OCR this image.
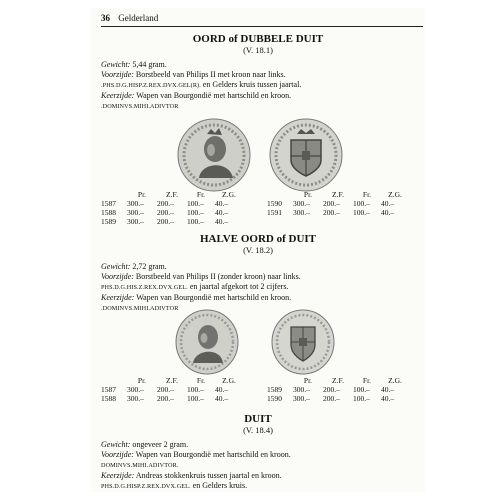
36 Gelderland
OORD of DUBBELE DUIT
(V. 18.1)
Gewicht: 5,44 gram.
Voorzijde: Borstbeeld van Philips II met kroon naar links.
.PHS.D.G.HISP.Z.REX.DVX.GEL(R). en Gelders kruis tussen jaartal.
Keerzijde: Wapen van Bourgondië met hartschild en kroon.
.DOMINVS.MIHI.ADIVTOR
	Pr.	Z.F.	Fr.	Z.G.
1587	300.–	200.–	100.–	40.–
1588	300.–	200.–	100.–	40.–
1589	300.–	200.–	100.–	40.–
	Pr.	Z.F.	Fr.	Z.G.
1590	300.–	200.–	100.–	40.–
1591	300.–	200.–	100.–	40.–
HALVE OORD of DUIT
(V. 18.2)
Gewicht: 2,72 gram.
Voorzijde: Borstbeeld van Philips II (zonder kroon) naar links.
PHS.D.G.HIS.Z.REX.DVX.GEL. en jaartal afgekort tot 2 cijfers.
Keerzijde: Wapen van Bourgondië met hartschild en kroon.
.DOMINVS.MIHI.ADIVTOR
	Pr.	Z.F.	Fr.	Z.G.
1587	300.–	200.–	100.–	40.–
1588	300.–	200.–	100.–	40.–
	Pr.	Z.F.	Fr.	Z.G.
1589	300.–	200.–	100.–	40.–
1590	300.–	200.–	100.–	40.–
DUIT
(V. 18.4)
Gewicht: ongeveer 2 gram.
Voorzijde: Wapen van Bourgondië met hartschild en kroon.
DOMINVS.MIHI.ADIVTOR.
Keerzijde: Andreas stokkenkruis tussen jaartal en kroon.
PHS.D.G.HISP.Z.REX.DVX.GEL. en Gelders kruis.
